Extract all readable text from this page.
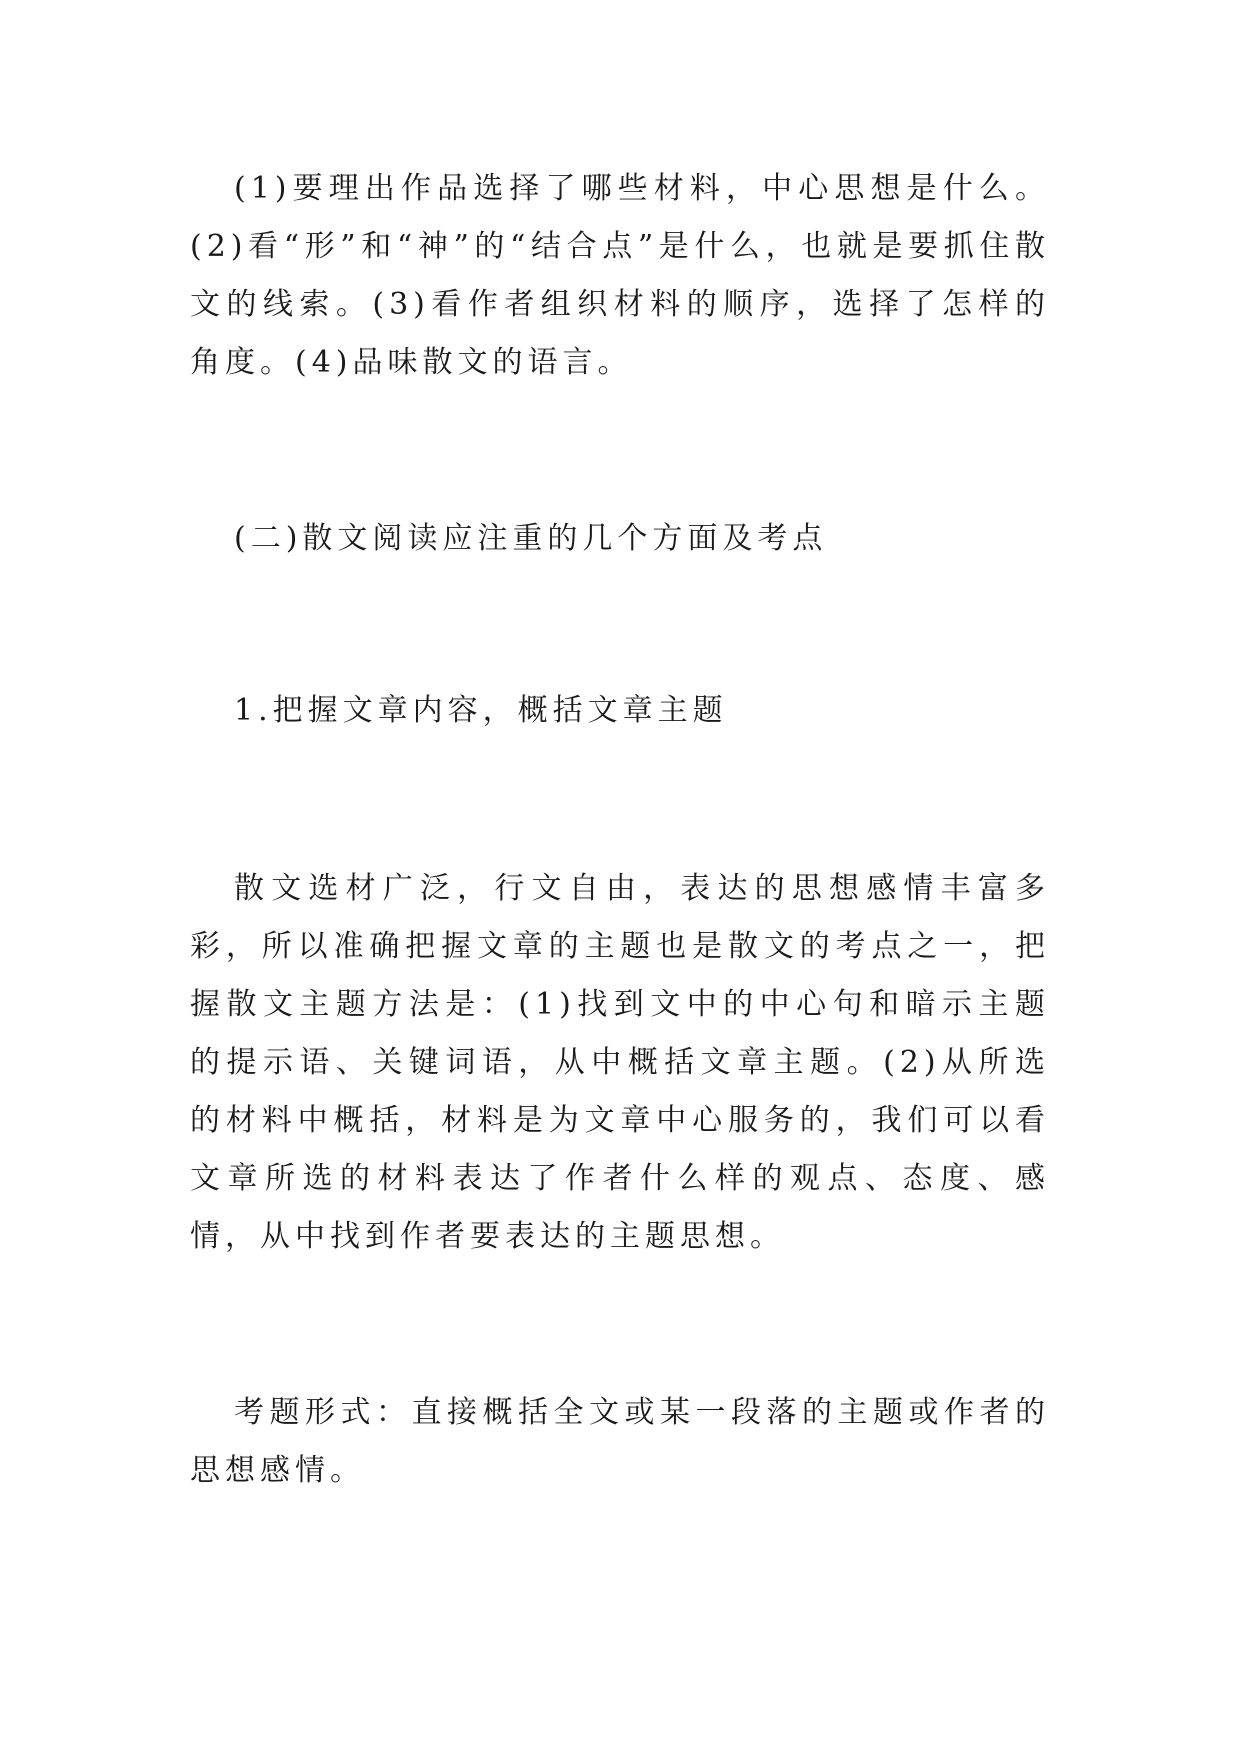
(1)要理出作品选择了哪些材料，中心思想是什么。(2)看“形”和“神”的“结合点”是什么，也就是要抓住散文的线索。(3)看作者组织材料的顺序，选择了怎样的角度。(4)品味散文的语言。

(二)散文阅读应注重的几个方面及考点

1.把握文章内容，概括文章主题

散文选材广泛，行文自由，表达的思想感情丰富多彩，所以准确把握文章的主题也是散文的考点之一，把握散文主题方法是：(1)找到文中的中心句和暗示主题的提示语、关键词语，从中概括文章主题。(2)从所选的材料中概括，材料是为文章中心服务的，我们可以看文章所选的材料表达了作者什么样的观点、态度、感情，从中找到作者要表达的主题思想。

考题形式：直接概括全文或某一段落的主题或作者的思想感情。
